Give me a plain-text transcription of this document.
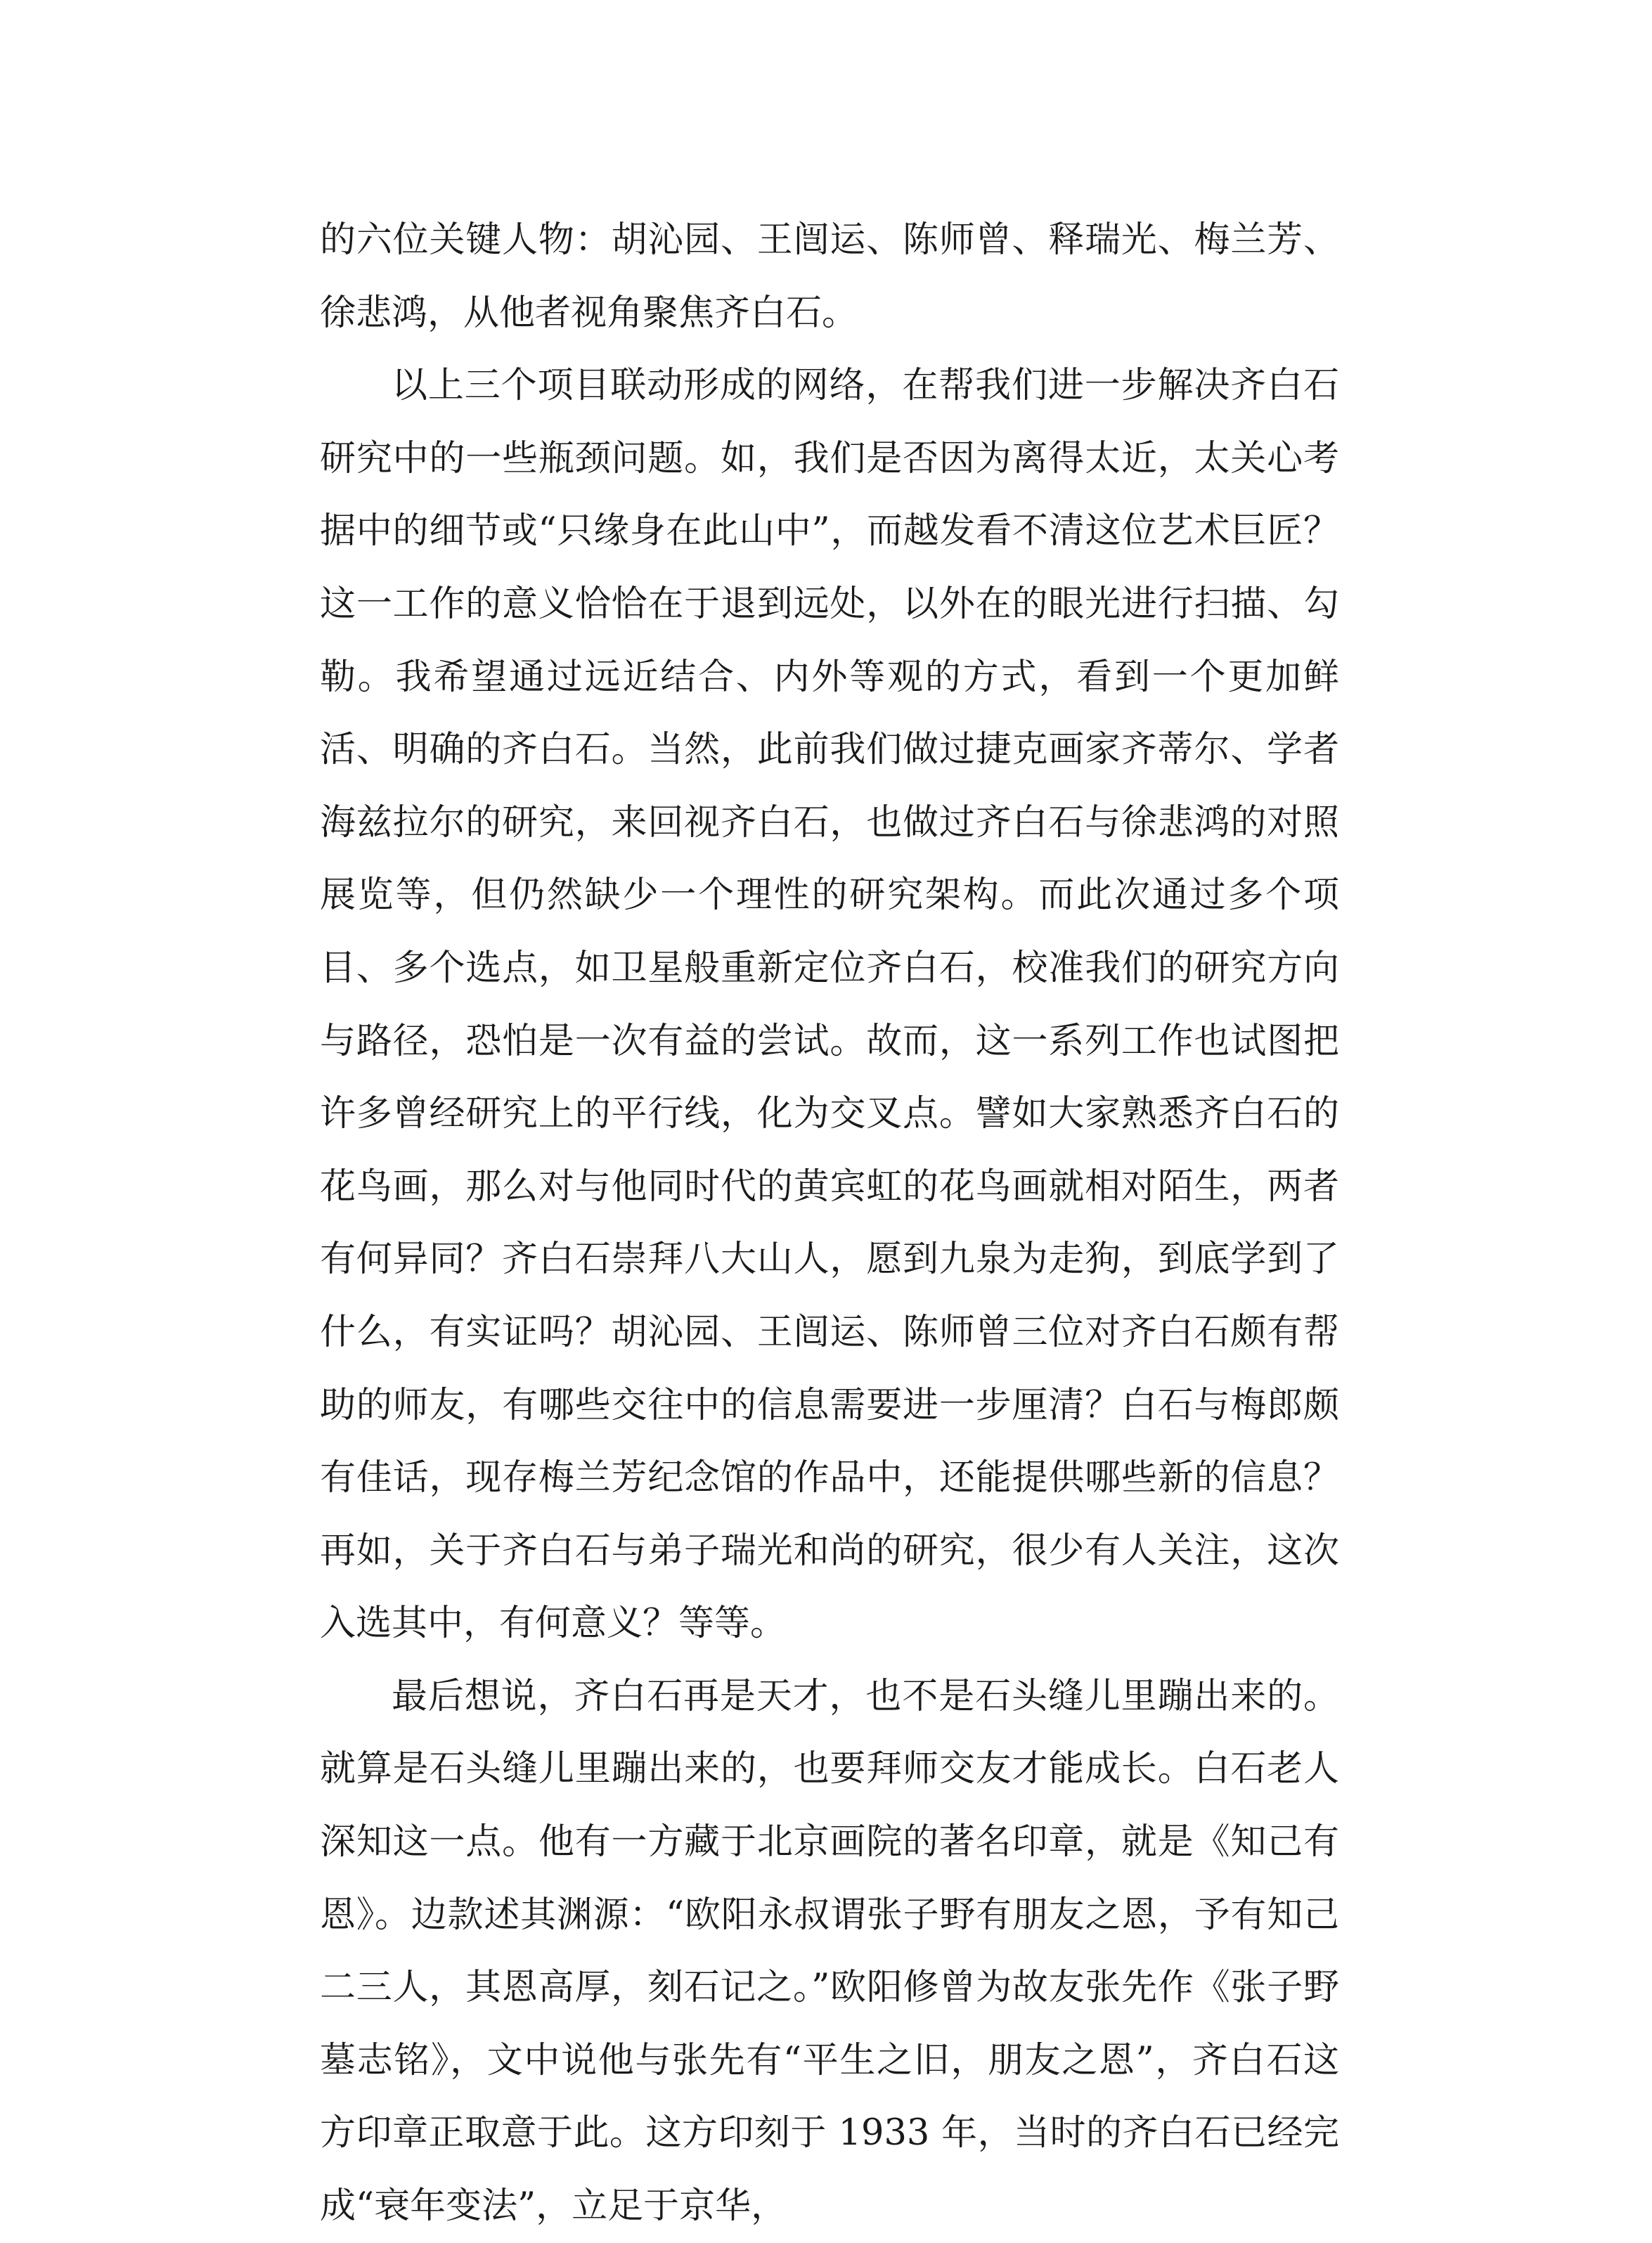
的六位关键人物：胡沁园、王闿运、陈师曾、释瑞光、梅兰芳、徐悲鸿，从他者视角聚焦齐白石。

以上三个项目联动形成的网络，在帮我们进一步解决齐白石研究中的一些瓶颈问题。如，我们是否因为离得太近，太关心考据中的细节或“只缘身在此山中”，而越发看不清这位艺术巨匠？这一工作的意义恰恰在于退到远处，以外在的眼光进行扫描、勾勒。我希望通过远近结合、内外等观的方式，看到一个更加鲜活、明确的齐白石。当然，此前我们做过捷克画家齐蒂尔、学者海兹拉尔的研究，来回视齐白石，也做过齐白石与徐悲鸿的对照展览等，但仍然缺少一个理性的研究架构。而此次通过多个项目、多个选点，如卫星般重新定位齐白石，校准我们的研究方向与路径，恐怕是一次有益的尝试。故而，这一系列工作也试图把许多曾经研究上的平行线，化为交叉点。譬如大家熟悉齐白石的花鸟画，那么对与他同时代的黄宾虹的花鸟画就相对陌生，两者有何异同？齐白石崇拜八大山人，愿到九泉为走狗，到底学到了什么，有实证吗？胡沁园、王闿运、陈师曾三位对齐白石颇有帮助的师友，有哪些交往中的信息需要进一步厘清？白石与梅郎颇有佳话，现存梅兰芳纪念馆的作品中，还能提供哪些新的信息？再如，关于齐白石与弟子瑞光和尚的研究，很少有人关注，这次入选其中，有何意义？等等。

最后想说，齐白石再是天才，也不是石头缝儿里蹦出来的。就算是石头缝儿里蹦出来的，也要拜师交友才能成长。白石老人深知这一点。他有一方藏于北京画院的著名印章，就是《知己有恩》。边款述其渊源：“欧阳永叔谓张子野有朋友之恩，予有知己二三人，其恩高厚，刻石记之。”欧阳修曾为故友张先作《张子野墓志铭》，文中说他与张先有“平生之旧，朋友之恩”，齐白石这方印章正取意于此。这方印刻于 1933 年，当时的齐白石已经完成“衰年变法”，立足于京华，
